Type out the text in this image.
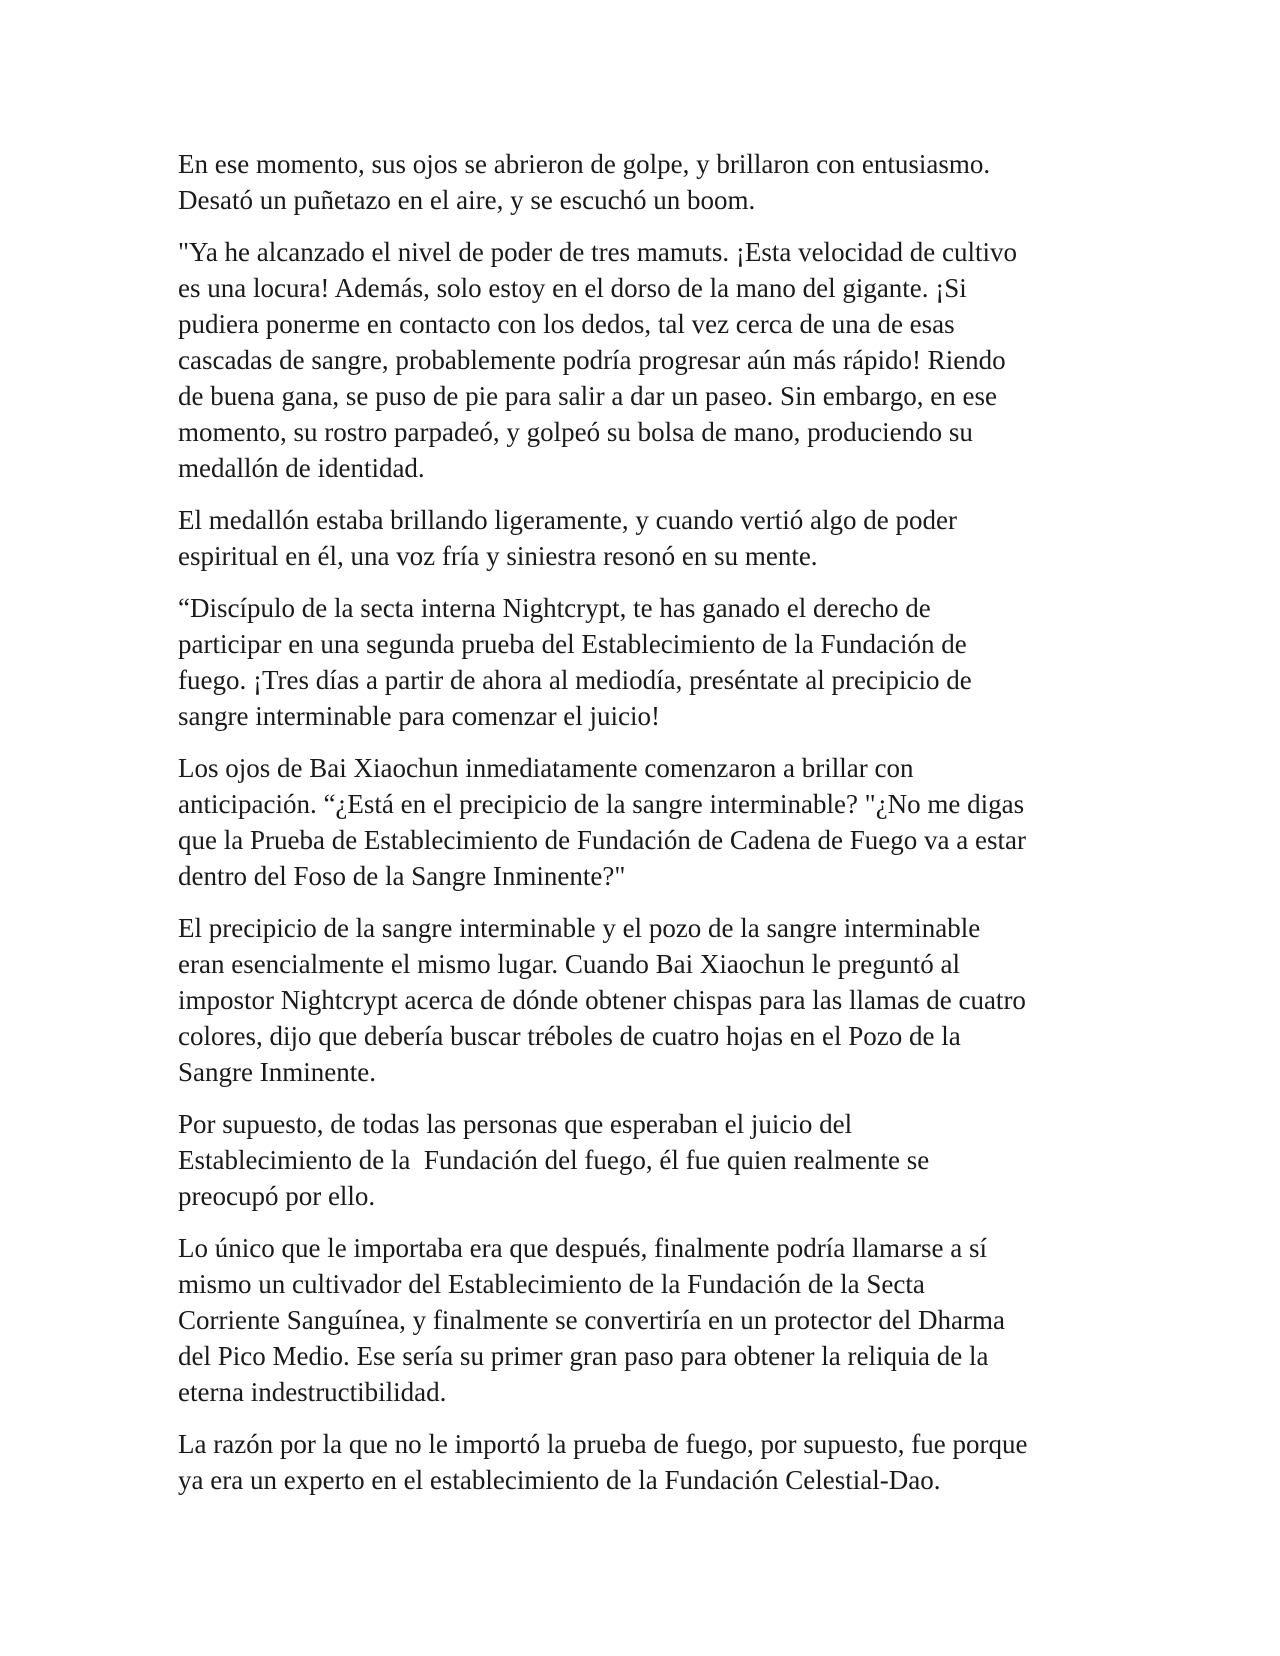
En ese momento, sus ojos se abrieron de golpe, y brillaron con entusiasmo.
Desató un puñetazo en el aire, y se escuchó un boom.

"Ya he alcanzado el nivel de poder de tres mamuts. ¡Esta velocidad de cultivo
es una locura! Además, solo estoy en el dorso de la mano del gigante. ¡Si
pudiera ponerme en contacto con los dedos, tal vez cerca de una de esas
cascadas de sangre, probablemente podría progresar aún más rápido! Riendo
de buena gana, se puso de pie para salir a dar un paseo. Sin embargo, en ese
momento, su rostro parpadeó, y golpeó su bolsa de mano, produciendo su
medallón de identidad.

El medallón estaba brillando ligeramente, y cuando vertió algo de poder
espiritual en él, una voz fría y siniestra resonó en su mente.

“Discípulo de la secta interna Nightcrypt, te has ganado el derecho de
participar en una segunda prueba del Establecimiento de la Fundación de
fuego. ¡Tres días a partir de ahora al mediodía, preséntate al precipicio de
sangre interminable para comenzar el juicio!

Los ojos de Bai Xiaochun inmediatamente comenzaron a brillar con
anticipación. “¿Está en el precipicio de la sangre interminable? "¿No me digas
que la Prueba de Establecimiento de Fundación de Cadena de Fuego va a estar
dentro del Foso de la Sangre Inminente?"

El precipicio de la sangre interminable y el pozo de la sangre interminable
eran esencialmente el mismo lugar. Cuando Bai Xiaochun le preguntó al
impostor Nightcrypt acerca de dónde obtener chispas para las llamas de cuatro
colores, dijo que debería buscar tréboles de cuatro hojas en el Pozo de la
Sangre Inminente.

Por supuesto, de todas las personas que esperaban el juicio del
Establecimiento de la  Fundación del fuego, él fue quien realmente se
preocupó por ello.

Lo único que le importaba era que después, finalmente podría llamarse a sí
mismo un cultivador del Establecimiento de la Fundación de la Secta
Corriente Sanguínea, y finalmente se convertiría en un protector del Dharma
del Pico Medio. Ese sería su primer gran paso para obtener la reliquia de la
eterna indestructibilidad.

La razón por la que no le importó la prueba de fuego, por supuesto, fue porque
ya era un experto en el establecimiento de la Fundación Celestial-Dao.
